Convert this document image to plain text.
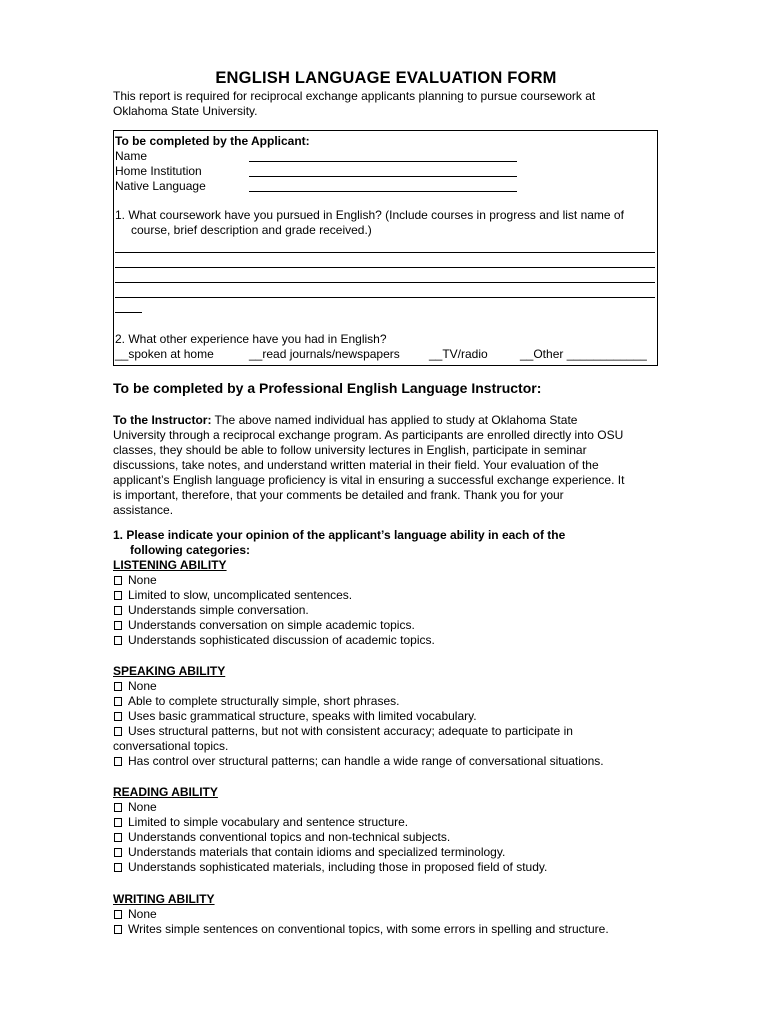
ENGLISH LANGUAGE EVALUATION FORM
This report is required for reciprocal exchange applicants planning to pursue coursework at
Oklahoma State University.
To be completed by the Applicant:
Name
Home Institution
Native Language
1. What coursework have you pursued in English? (Include courses in progress and list name of
course, brief description and grade received.)
2. What other experience have you had in English?
__spoken at home	__read journals/newspapers	__TV/radio	__Other ____________
To be completed by a Professional English Language Instructor:
To the Instructor: The above named individual has applied to study at Oklahoma State
University through a reciprocal exchange program. As participants are enrolled directly into OSU
classes, they should be able to follow university lectures in English, participate in seminar
discussions, take notes, and understand written material in their field. Your evaluation of the
applicant’s English language proficiency is vital in ensuring a successful exchange experience. It
is important, therefore, that your comments be detailed and frank. Thank you for your
assistance.
1. Please indicate your opinion of the applicant’s language ability in each of the
following categories:
LISTENING ABILITY
None
Limited to slow, uncomplicated sentences.
Understands simple conversation.
Understands conversation on simple academic topics.
Understands sophisticated discussion of academic topics.
SPEAKING ABILITY
None
Able to complete structurally simple, short phrases.
Uses basic grammatical structure, speaks with limited vocabulary.
Uses structural patterns, but not with consistent accuracy; adequate to participate in
conversational topics.
Has control over structural patterns; can handle a wide range of conversational situations.
READING ABILITY
None
Limited to simple vocabulary and sentence structure.
Understands conventional topics and non-technical subjects.
Understands materials that contain idioms and specialized terminology.
Understands sophisticated materials, including those in proposed field of study.
WRITING ABILITY
None
Writes simple sentences on conventional topics, with some errors in spelling and structure.
